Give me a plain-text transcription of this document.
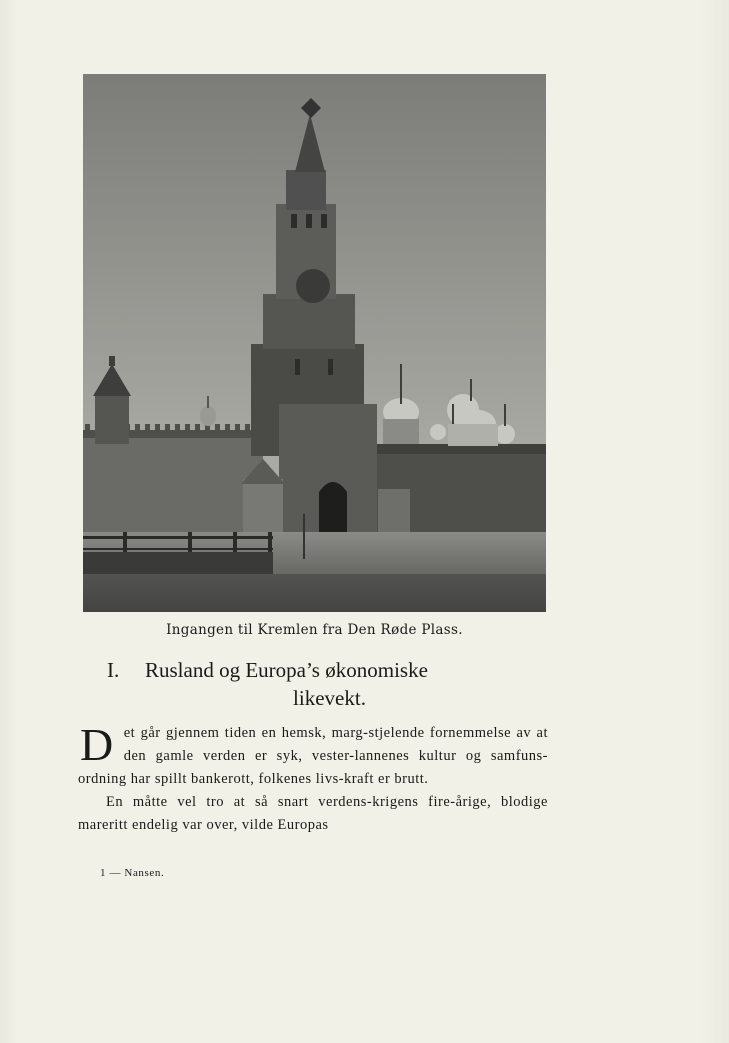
Ingangen til Kremlen fra Den Røde Plass.
I. Rusland og Europa’s økonomiske
likevekt.

Det går gjennem tiden en hemsk, marg-stjelende fornemmelse av at den gamle verden er syk, vester-lannenes kultur og samfuns-ordning har spillt bankerott, folkenes livs-kraft er brutt.

En måtte vel tro at så snart verdens-krigens fire-årige, blodige mareritt endelig var over, vilde Europas

1 — Nansen.
